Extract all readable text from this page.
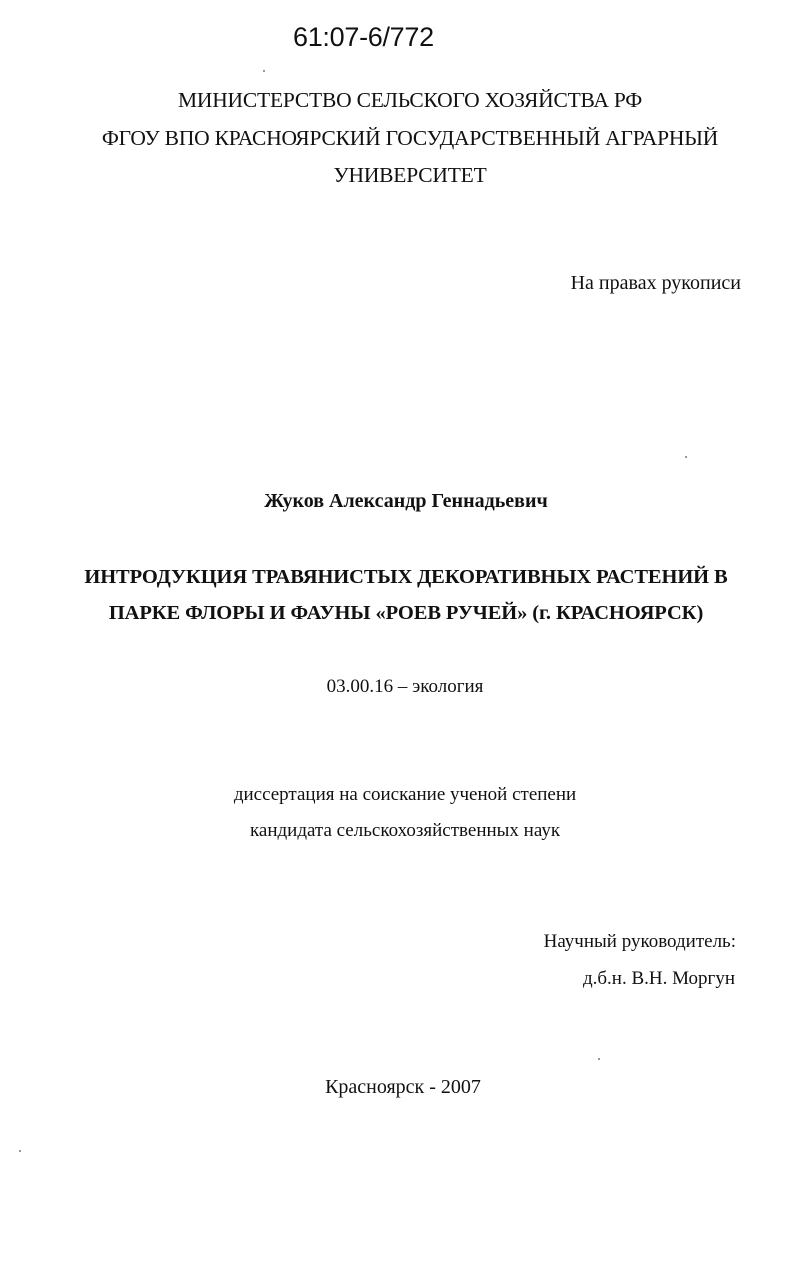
61:07-6/772
МИНИСТЕРСТВО СЕЛЬСКОГО ХОЗЯЙСТВА РФ
ФГОУ ВПО КРАСНОЯРСКИЙ ГОСУДАРСТВЕННЫЙ АГРАРНЫЙ
УНИВЕРСИТЕТ
На правах рукописи
Жуков Александр Геннадьевич
ИНТРОДУКЦИЯ ТРАВЯНИСТЫХ ДЕКОРАТИВНЫХ РАСТЕНИЙ В
ПАРКЕ ФЛОРЫ И ФАУНЫ «РОЕВ РУЧЕЙ» (г. КРАСНОЯРСК)
03.00.16 – экология
диссертация на соискание ученой степени
кандидата сельскохозяйственных наук
Научный руководитель:
д.б.н. В.Н. Моргун
Красноярск - 2007
